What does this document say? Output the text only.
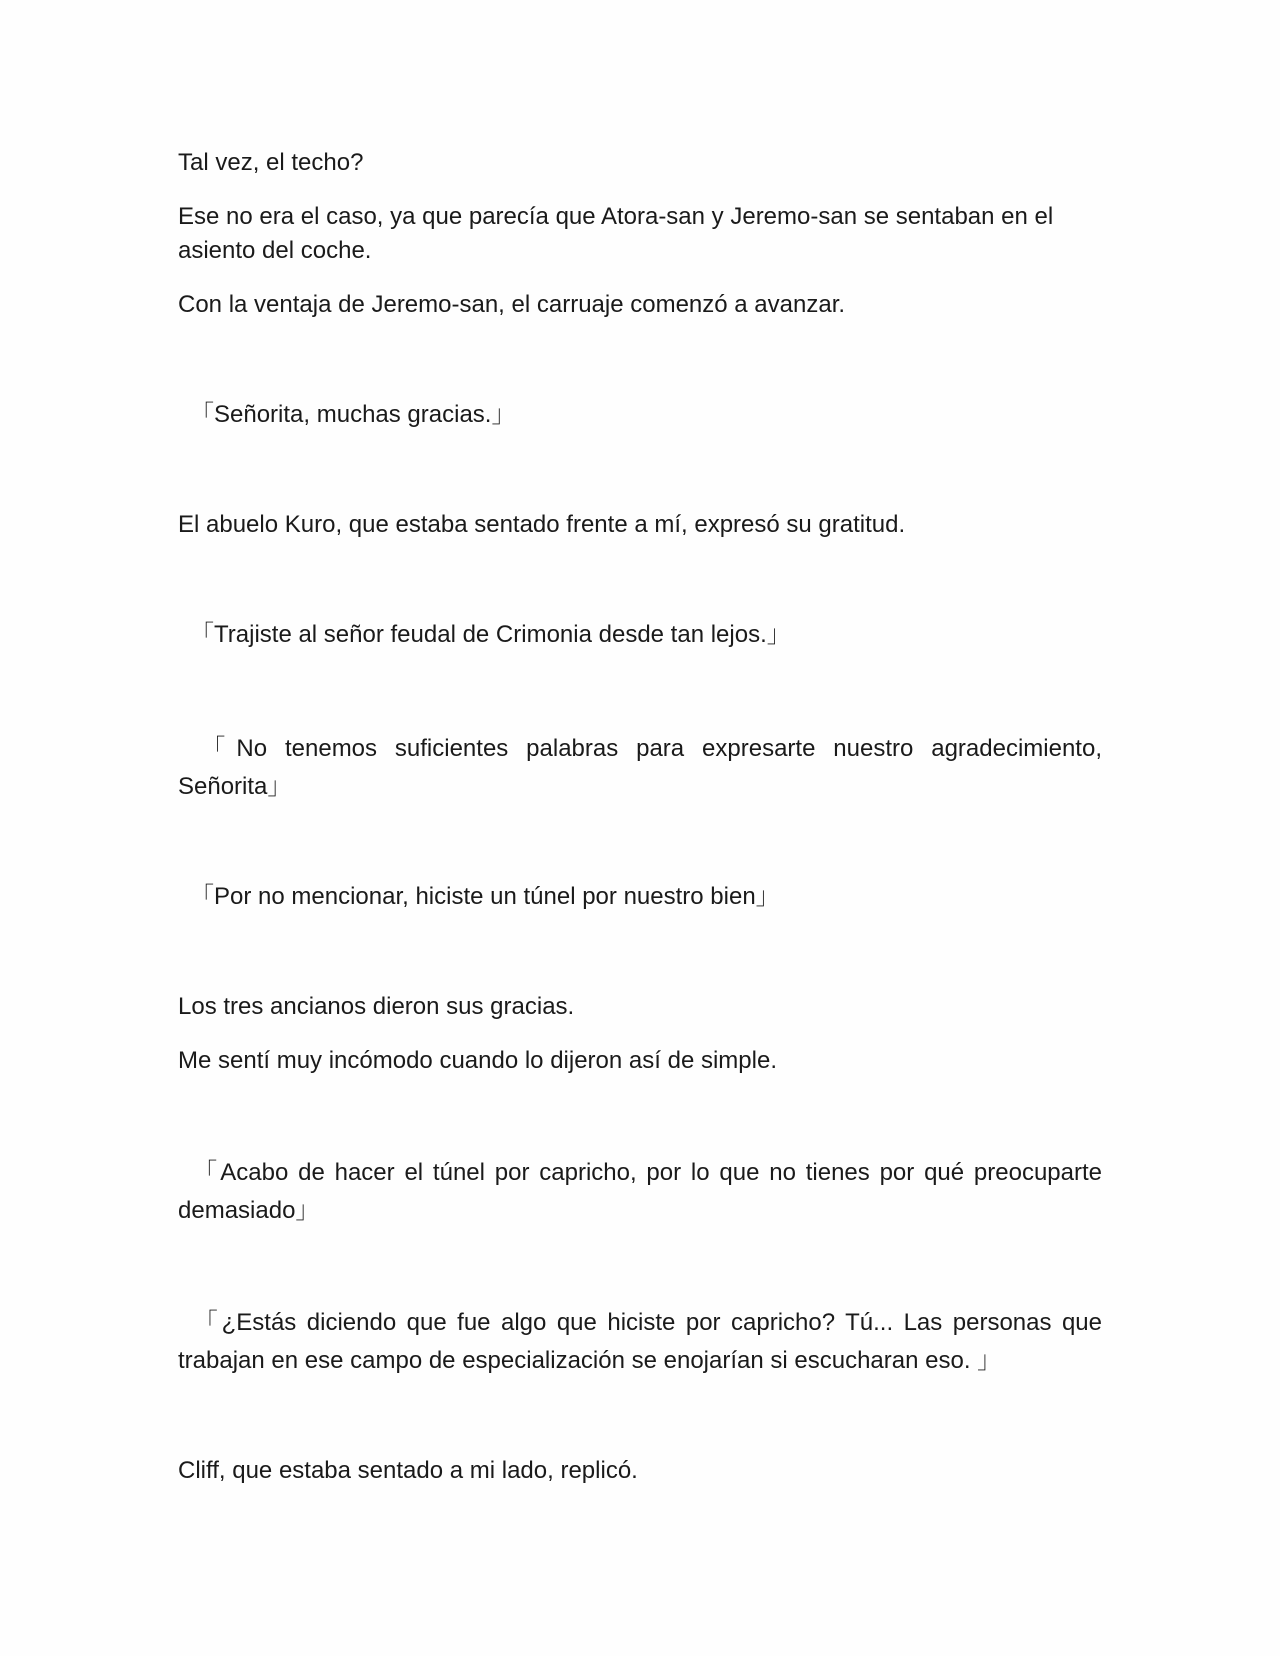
Tal vez, el techo?

Ese no era el caso, ya que parecía que Atora-san y Jeremo-san se sentaban en el asiento del coche.

Con la ventaja de Jeremo-san, el carruaje comenzó a avanzar.

　「Señorita, muchas gracias.」

El abuelo Kuro, que estaba sentado frente a mí, expresó su gratitud.

　「Trajiste al señor feudal de Crimonia desde tan lejos.」

　「No tenemos suficientes palabras para expresarte nuestro agradecimiento, Señorita」

　「Por no mencionar, hiciste un túnel por nuestro bien」

Los tres ancianos dieron sus gracias.

Me sentí muy incómodo cuando lo dijeron así de simple.

　「Acabo de hacer el túnel por capricho, por lo que no tienes por qué preocuparte demasiado」

　「¿Estás diciendo que fue algo que hiciste por capricho? Tú... Las personas que trabajan en ese campo de especialización se enojarían si escucharan eso. 」

Cliff, que estaba sentado a mi lado, replicó.
